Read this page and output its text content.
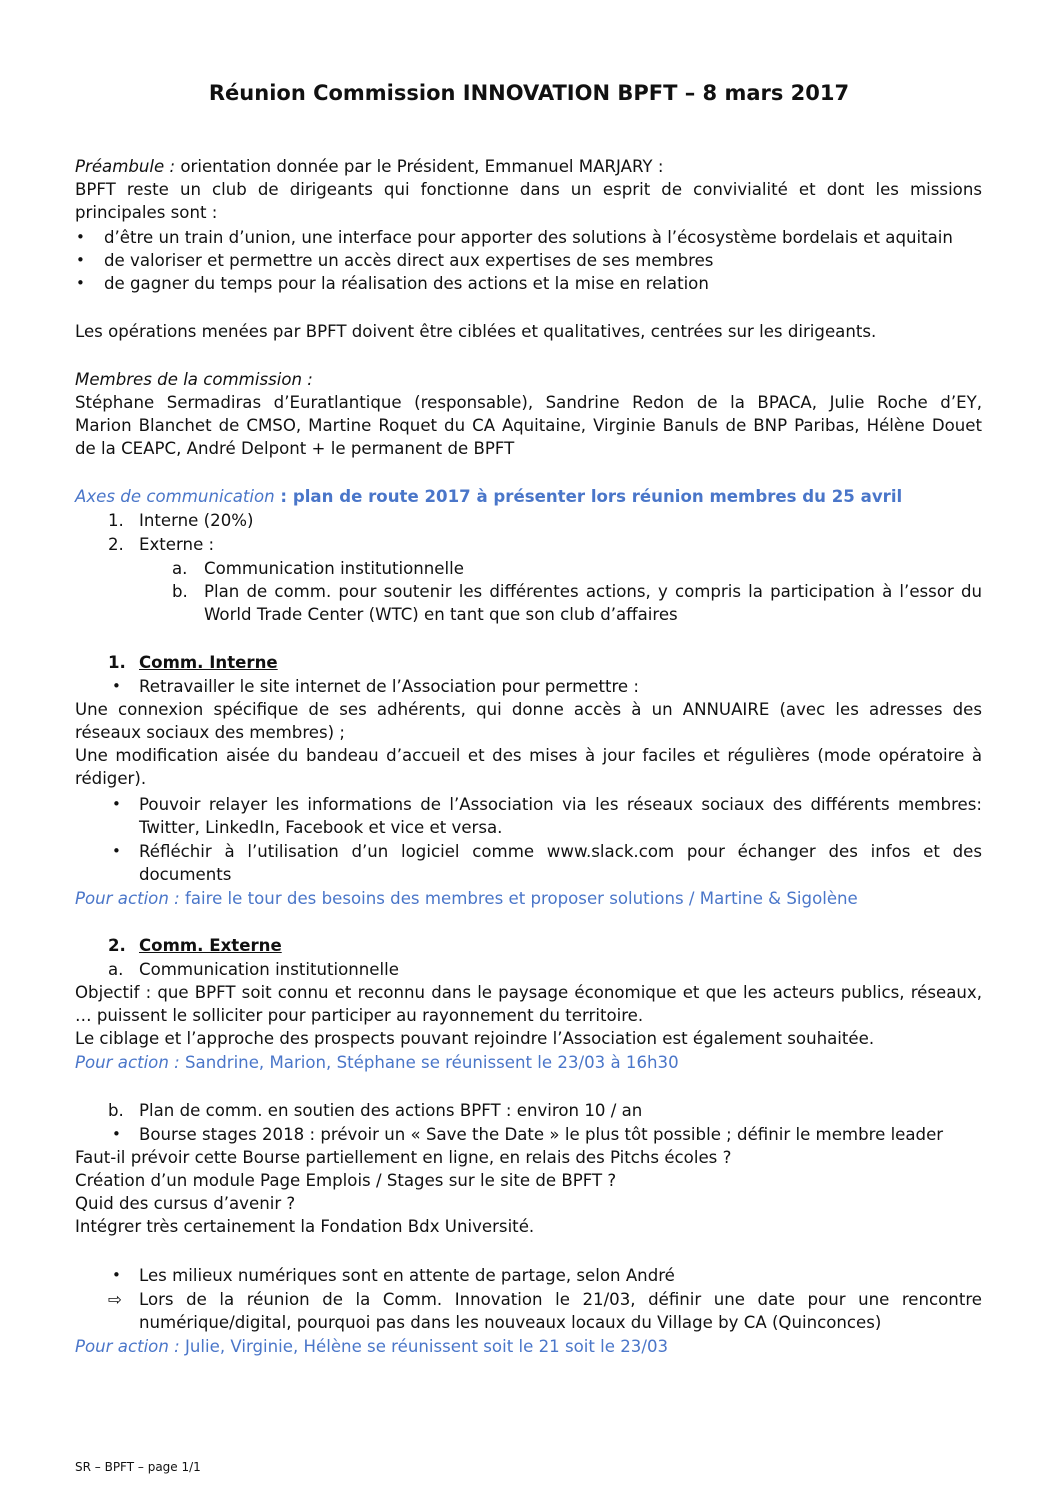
Réunion Commission INNOVATION BPFT – 8 mars 2017
Préambule : orientation donnée par le Président, Emmanuel MARJARY :
BPFT reste un club de dirigeants qui fonctionne dans un esprit de convivialité et dont les missions
principales sont :
• d’être un train d’union, une interface pour apporter des solutions à l’écosystème bordelais et aquitain
• de valoriser et permettre un accès direct aux expertises de ses membres
• de gagner du temps pour la réalisation des actions et la mise en relation
Les opérations menées par BPFT doivent être ciblées et qualitatives, centrées sur les dirigeants.
Membres de la commission :
Stéphane Sermadiras d’Euratlantique (responsable), Sandrine Redon de la BPACA, Julie Roche d’EY,
Marion Blanchet de CMSO, Martine Roquet du CA Aquitaine, Virginie Banuls de BNP Paribas, Hélène Douet
de la CEAPC, André Delpont + le permanent de BPFT
Axes de communication : plan de route 2017 à présenter lors réunion membres du 25 avril
1. Interne (20%)
2. Externe :
a. Communication institutionnelle
b. Plan de comm. pour soutenir les différentes actions, y compris la participation à l’essor du
World Trade Center (WTC) en tant que son club d’affaires
1. Comm. Interne
• Retravailler le site internet de l’Association pour permettre :
Une connexion spécifique de ses adhérents, qui donne accès à un ANNUAIRE (avec les adresses des
réseaux sociaux des membres) ;
Une modification aisée du bandeau d’accueil et des mises à jour faciles et régulières (mode opératoire à
rédiger).
• Pouvoir relayer les informations de l’Association via les réseaux sociaux des différents membres:
Twitter, LinkedIn, Facebook et vice et versa.
• Réfléchir à l’utilisation d’un logiciel comme www.slack.com pour échanger des infos et des
documents
Pour action : faire le tour des besoins des membres et proposer solutions / Martine & Sigolène
2. Comm. Externe
a. Communication institutionnelle
Objectif : que BPFT soit connu et reconnu dans le paysage économique et que les acteurs publics, réseaux,
… puissent le solliciter pour participer au rayonnement du territoire.
Le ciblage et l’approche des prospects pouvant rejoindre l’Association est également souhaitée.
Pour action : Sandrine, Marion, Stéphane se réunissent le 23/03 à 16h30
b. Plan de comm. en soutien des actions BPFT : environ 10 / an
• Bourse stages 2018 : prévoir un « Save the Date » le plus tôt possible ; définir le membre leader
Faut-il prévoir cette Bourse partiellement en ligne, en relais des Pitchs écoles ?
Création d’un module Page Emplois / Stages sur le site de BPFT ?
Quid des cursus d’avenir ?
Intégrer très certainement la Fondation Bdx Université.
• Les milieux numériques sont en attente de partage, selon André
⇨ Lors de la réunion de la Comm. Innovation le 21/03, définir une date pour une rencontre
numérique/digital, pourquoi pas dans les nouveaux locaux du Village by CA (Quinconces)
Pour action : Julie, Virginie, Hélène se réunissent soit le 21 soit le 23/03
SR – BPFT – page 1/1
